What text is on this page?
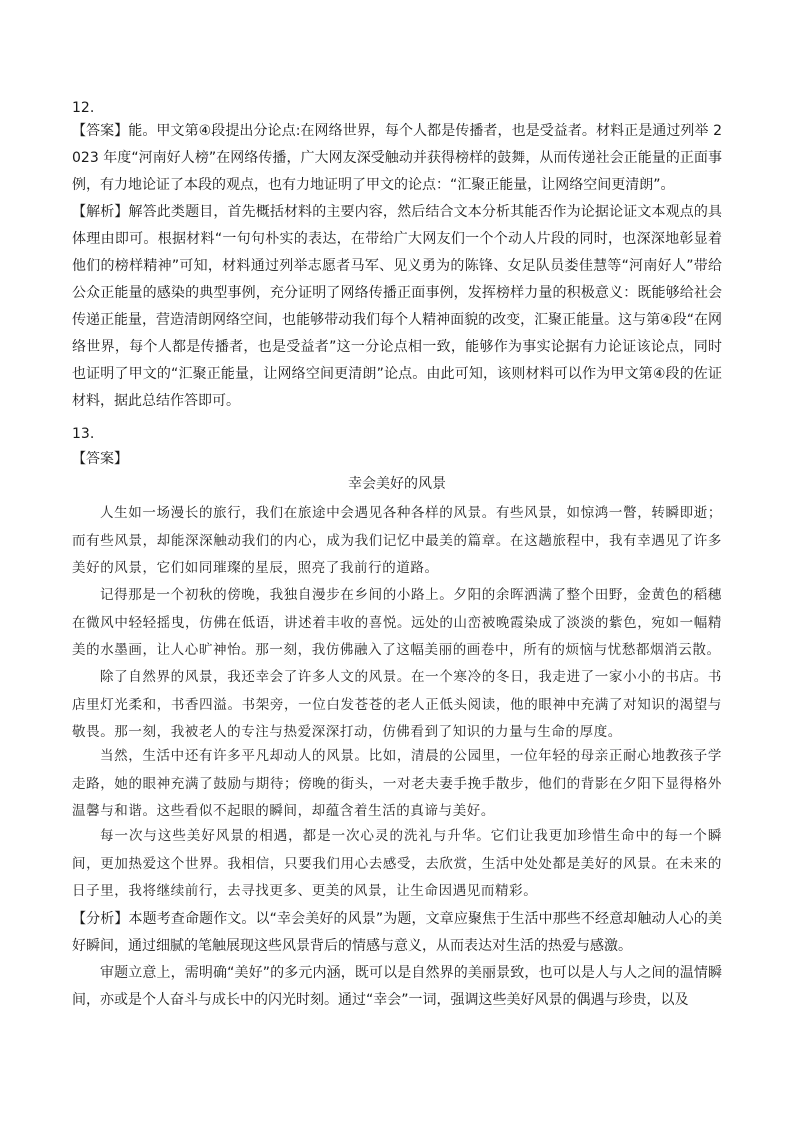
12.

【答案】能。甲文第④段提出分论点:在网络世界，每个人都是传播者，也是受益者。材料正是通过列举 2023 年度“河南好人榜”在网络传播，广大网友深受触动并获得榜样的鼓舞，从而传递社会正能量的正面事例，有力地论证了本段的观点，也有力地证明了甲文的论点：“汇聚正能量，让网络空间更清朗”。

【解析】解答此类题目，首先概括材料的主要内容，然后结合文本分析其能否作为论据论证文本观点的具体理由即可。根据材料“一句句朴实的表达，在带给广大网友们一个个动人片段的同时，也深深地彰显着他们的榜样精神”可知，材料通过列举志愿者马军、见义勇为的陈锋、女足队员娄佳慧等“河南好人”带给公众正能量的感染的典型事例，充分证明了网络传播正面事例，发挥榜样力量的积极意义：既能够给社会传递正能量，营造清朗网络空间，也能够带动我们每个人精神面貌的改变，汇聚正能量。这与第④段“在网络世界，每个人都是传播者，也是受益者”这一分论点相一致，能够作为事实论据有力论证该论点，同时也证明了甲文的“汇聚正能量，让网络空间更清朗”论点。由此可知，该则材料可以作为甲文第④段的佐证材料，据此总结作答即可。

13.
【答案】
幸会美好的风景

人生如一场漫长的旅行，我们在旅途中会遇见各种各样的风景。有些风景，如惊鸿一瞥，转瞬即逝；而有些风景，却能深深触动我们的内心，成为我们记忆中最美的篇章。在这趟旅程中，我有幸遇见了许多美好的风景，它们如同璀璨的星辰，照亮了我前行的道路。

记得那是一个初秋的傍晚，我独自漫步在乡间的小路上。夕阳的余晖洒满了整个田野，金黄色的稻穗在微风中轻轻摇曳，仿佛在低语，讲述着丰收的喜悦。远处的山峦被晚霞染成了淡淡的紫色，宛如一幅精美的水墨画，让人心旷神怡。那一刻，我仿佛融入了这幅美丽的画卷中，所有的烦恼与忧愁都烟消云散。

除了自然界的风景，我还幸会了许多人文的风景。在一个寒冷的冬日，我走进了一家小小的书店。书店里灯光柔和，书香四溢。书架旁，一位白发苍苍的老人正低头阅读，他的眼神中充满了对知识的渴望与敬畏。那一刻，我被老人的专注与热爱深深打动，仿佛看到了知识的力量与生命的厚度。

当然，生活中还有许多平凡却动人的风景。比如，清晨的公园里，一位年轻的母亲正耐心地教孩子学走路，她的眼神充满了鼓励与期待；傍晚的街头，一对老夫妻手挽手散步，他们的背影在夕阳下显得格外温馨与和谐。这些看似不起眼的瞬间，却蕴含着生活的真谛与美好。

每一次与这些美好风景的相遇，都是一次心灵的洗礼与升华。它们让我更加珍惜生命中的每一个瞬间，更加热爱这个世界。我相信，只要我们用心去感受，去欣赏，生活中处处都是美好的风景。在未来的日子里，我将继续前行，去寻找更多、更美的风景，让生命因遇见而精彩。

【分析】本题考查命题作文。以“幸会美好的风景”为题，文章应聚焦于生活中那些不经意却触动人心的美好瞬间，通过细腻的笔触展现这些风景背后的情感与意义，从而表达对生活的热爱与感激。

审题立意上，需明确“美好”的多元内涵，既可以是自然界的美丽景致，也可以是人与人之间的温情瞬间，亦或是个人奋斗与成长中的闪光时刻。通过“幸会”一词，强调这些美好风景的偶遇与珍贵，以及
